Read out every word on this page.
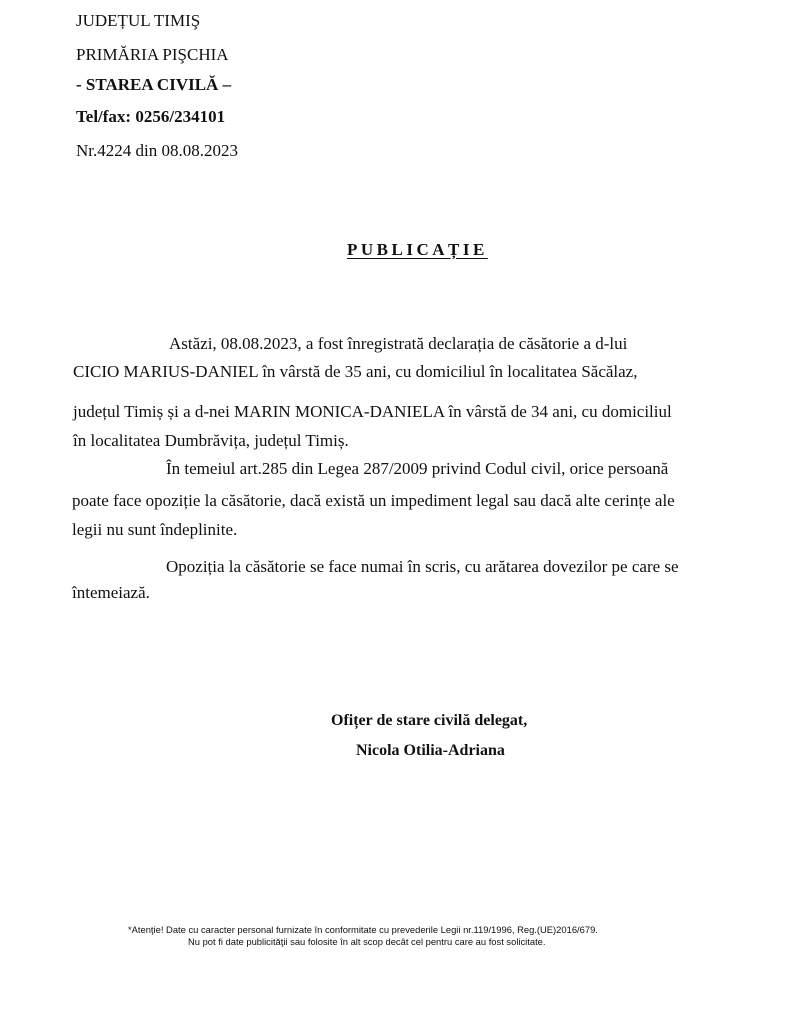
JUDEȚUL TIMIŞ
PRIMĂRIA PIŞCHIA
- STAREA CIVILĂ –
Tel/fax: 0256/234101
Nr.4224 din 08.08.2023
PUBLICAȚIE
Astăzi, 08.08.2023, a fost înregistrată declarația de căsătorie a d-lui
CICIO MARIUS-DANIEL în vârstă de 35 ani, cu domiciliul în localitatea Săcălaz,
județul Timiș și a d-nei MARIN MONICA-DANIELA în vârstă de 34 ani, cu domiciliul
în localitatea Dumbrăvița, județul Timiș.
În temeiul art.285 din Legea 287/2009 privind Codul civil, orice persoană
poate face opoziție la căsătorie, dacă există un impediment legal sau dacă alte cerințe ale
legii nu sunt îndeplinite.
Opoziția la căsătorie se face numai în scris, cu arătarea dovezilor pe care se
întemeiază.
Ofițer de stare civilă delegat,
Nicola Otilia-Adriana
*Atenţie! Date cu caracter personal furnizate în conformitate cu prevederile Legii nr.119/1996, Reg.(UE)2016/679.
Nu pot fi date publicităţii sau folosite în alt scop decât cel pentru care au fost solicitate.
